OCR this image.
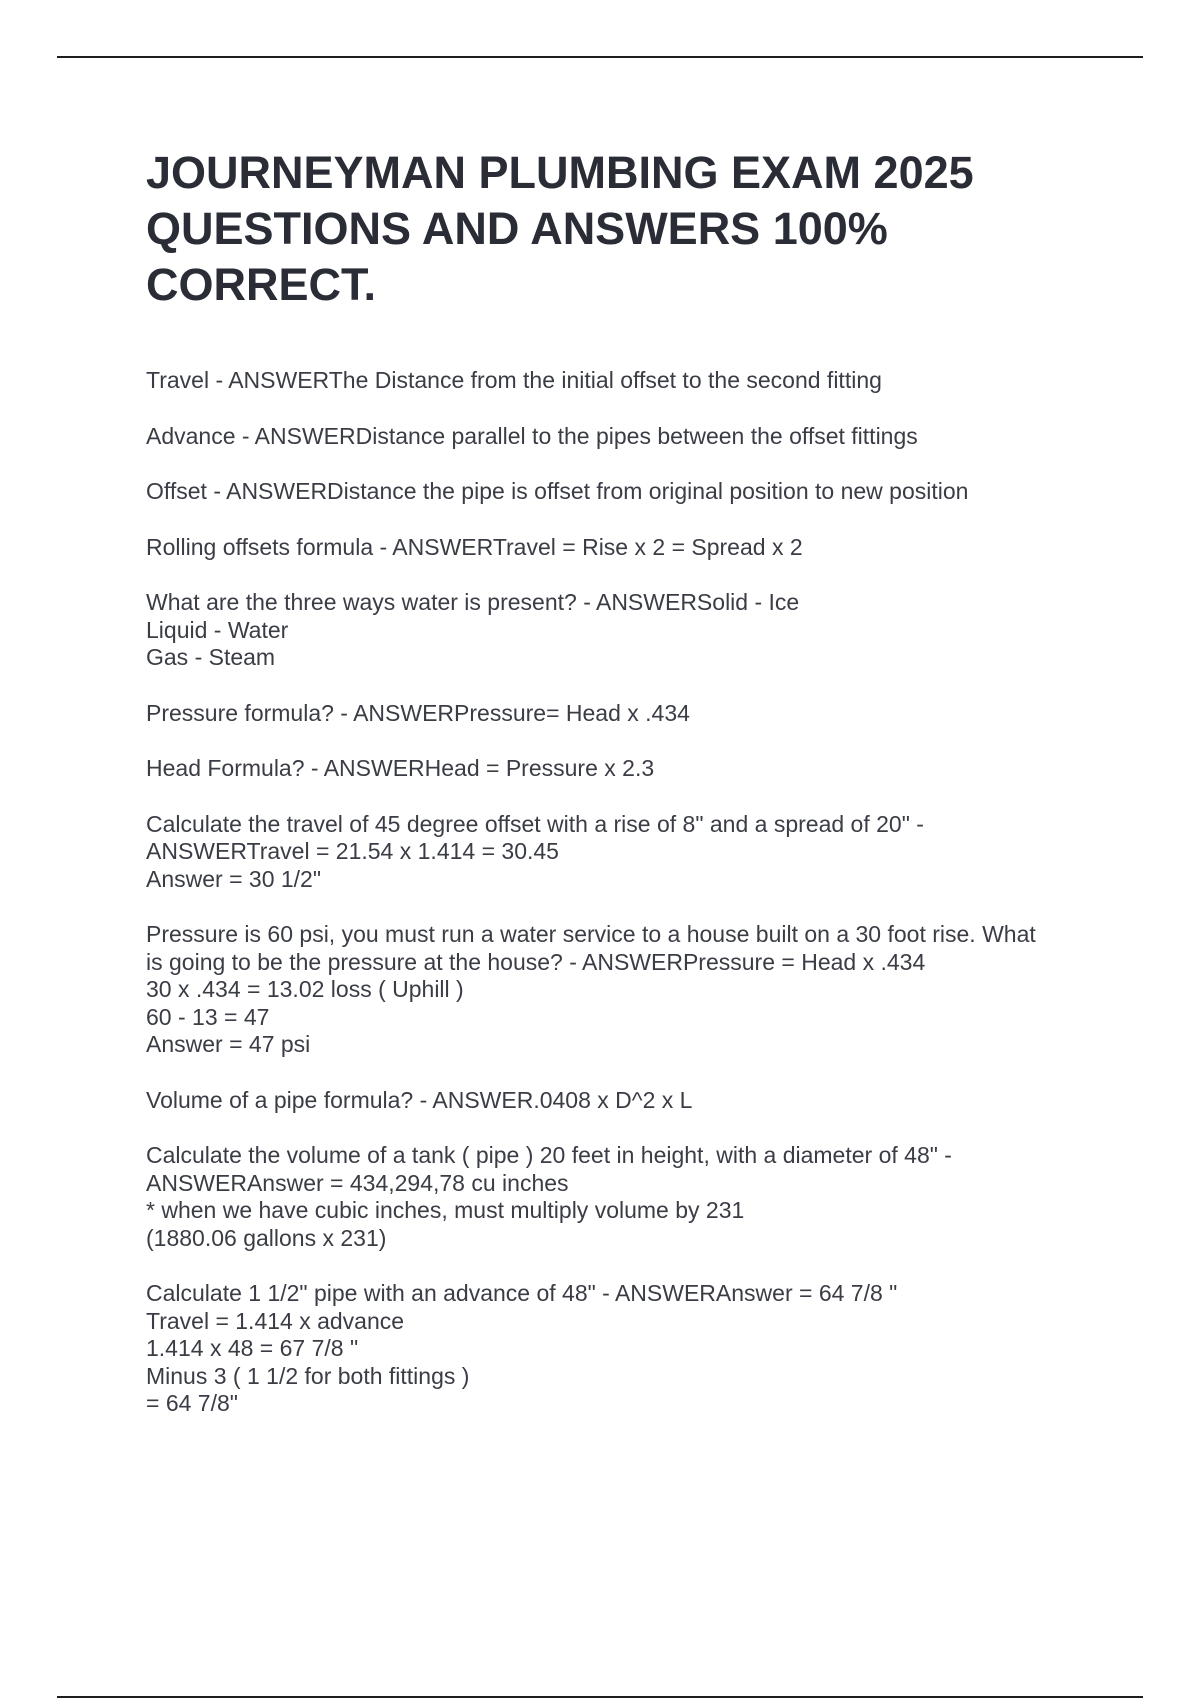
JOURNEYMAN PLUMBING EXAM 2025
QUESTIONS AND ANSWERS 100%
CORRECT.
Travel - ANSWERThe Distance from the initial offset to the second fitting
Advance - ANSWERDistance parallel to the pipes between the offset fittings
Offset - ANSWERDistance the pipe is offset from original position to new position
Rolling offsets formula - ANSWERTravel = Rise x 2 = Spread x 2
What are the three ways water is present? - ANSWERSolid - Ice
Liquid - Water
Gas - Steam
Pressure formula? - ANSWERPressure= Head x .434
Head Formula? - ANSWERHead = Pressure x 2.3
Calculate the travel of 45 degree offset with a rise of 8" and a spread of 20" -
ANSWERTravel = 21.54 x 1.414 = 30.45
Answer = 30 1/2"
Pressure is 60 psi, you must run a water service to a house built on a 30 foot rise. What
is going to be the pressure at the house? - ANSWERPressure = Head x .434
30 x .434 = 13.02 loss ( Uphill )
60 - 13 = 47
Answer = 47 psi
Volume of a pipe formula? - ANSWER.0408 x D^2 x L
Calculate the volume of a tank ( pipe ) 20 feet in height, with a diameter of 48" -
ANSWERAnswer = 434,294,78 cu inches
* when we have cubic inches, must multiply volume by 231
(1880.06 gallons x 231)
Calculate 1 1/2" pipe with an advance of 48" - ANSWERAnswer = 64 7/8 "
Travel = 1.414 x advance
1.414 x 48 = 67 7/8 "
Minus 3 ( 1 1/2 for both fittings )
= 64 7/8"
